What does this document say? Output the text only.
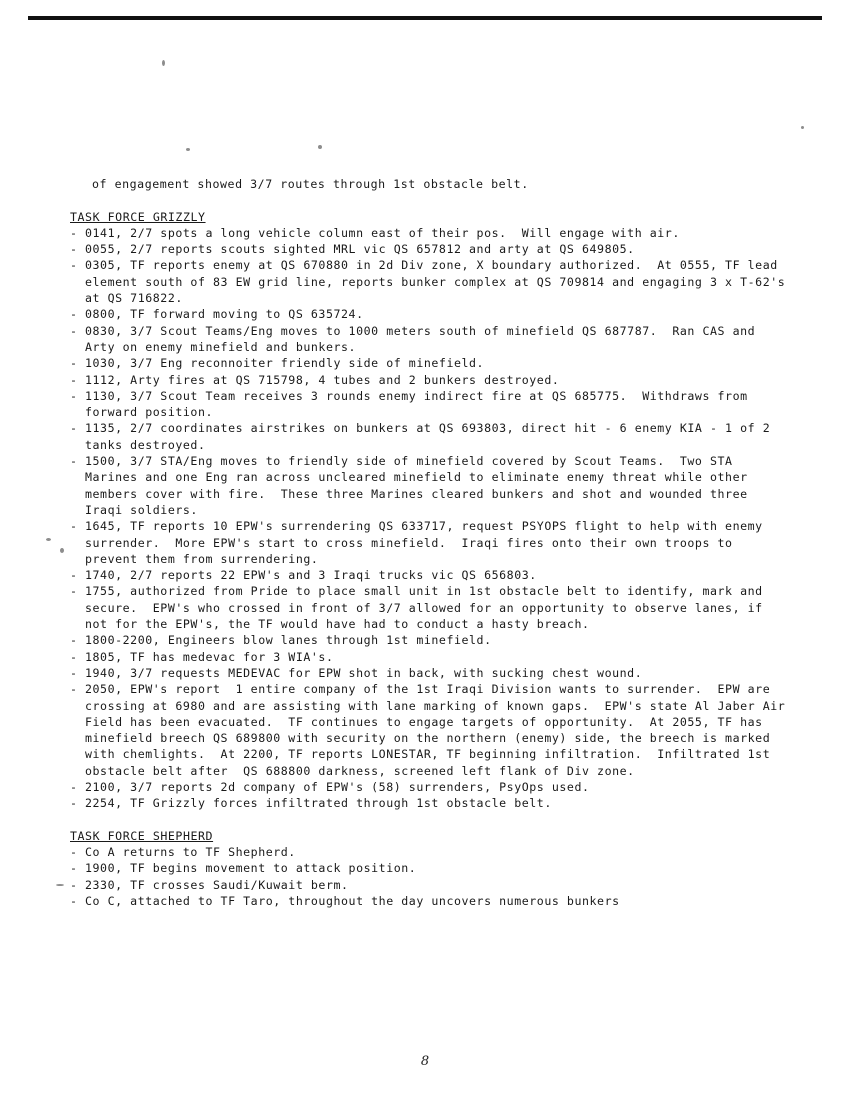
of engagement showed 3/7 routes through 1st obstacle belt.
TASK FORCE GRIZZLY
- 0141, 2/7 spots a long vehicle column east of their pos.  Will engage with air.
- 0055, 2/7 reports scouts sighted MRL vic QS 657812 and arty at QS 649805.
- 0305, TF reports enemy at QS 670880 in 2d Div zone, X boundary authorized.  At 0555, TF lead element south of 83 EW grid line, reports bunker complex at QS 709814 and engaging 3 x T-62's at QS 716822.
- 0800, TF forward moving to QS 635724.
- 0830, 3/7 Scout Teams/Eng moves to 1000 meters south of minefield QS 687787.  Ran CAS and Arty on enemy minefield and bunkers.
- 1030, 3/7 Eng reconnoiter friendly side of minefield.
- 1112, Arty fires at QS 715798, 4 tubes and 2 bunkers destroyed.
- 1130, 3/7 Scout Team receives 3 rounds enemy indirect fire at QS 685775.  Withdraws from forward position.
- 1135, 2/7 coordinates airstrikes on bunkers at QS 693803, direct hit - 6 enemy KIA - 1 of 2 tanks destroyed.
- 1500, 3/7 STA/Eng moves to friendly side of minefield covered by Scout Teams.  Two STA Marines and one Eng ran across uncleared minefield to eliminate enemy threat while other members cover with fire.  These three Marines cleared bunkers and shot and wounded three Iraqi soldiers.
- 1645, TF reports 10 EPW's surrendering QS 633717, request PSYOPS flight to help with enemy surrender.  More EPW's start to cross minefield.  Iraqi fires onto their own troops to prevent them from surrendering.
- 1740, 2/7 reports 22 EPW's and 3 Iraqi trucks vic QS 656803.
- 1755, authorized from Pride to place small unit in 1st obstacle belt to identify, mark and secure.  EPW's who crossed in front of 3/7 allowed for an opportunity to observe lanes, if not for the EPW's, the TF would have had to conduct a hasty breach.
- 1800-2200, Engineers blow lanes through 1st minefield.
- 1805, TF has medevac for 3 WIA's.
- 1940, 3/7 requests MEDEVAC for EPW shot in back, with sucking chest wound.
- 2050, EPW's report  1 entire company of the 1st Iraqi Division wants to surrender.  EPW are crossing at 6980 and are assisting with lane marking of known gaps.  EPW's state Al Jaber Air Field has been evacuated.  TF continues to engage targets of opportunity.  At 2055, TF has minefield breech QS 689800 with security on the northern (enemy) side, the breech is marked with chemlights.  At 2200, TF reports LONESTAR, TF beginning infiltration.  Infiltrated 1st obstacle belt after  QS 688800 darkness, screened left flank of Div zone.
- 2100, 3/7 reports 2d company of EPW's (58) surrenders, PsyOps used.
- 2254, TF Grizzly forces infiltrated through 1st obstacle belt.
TASK FORCE SHEPHERD
- Co A returns to TF Shepherd.
- 1900, TF begins movement to attack position.
- 2330, TF crosses Saudi/Kuwait berm.
- Co C, attached to TF Taro, throughout the day uncovers numerous bunkers
8
